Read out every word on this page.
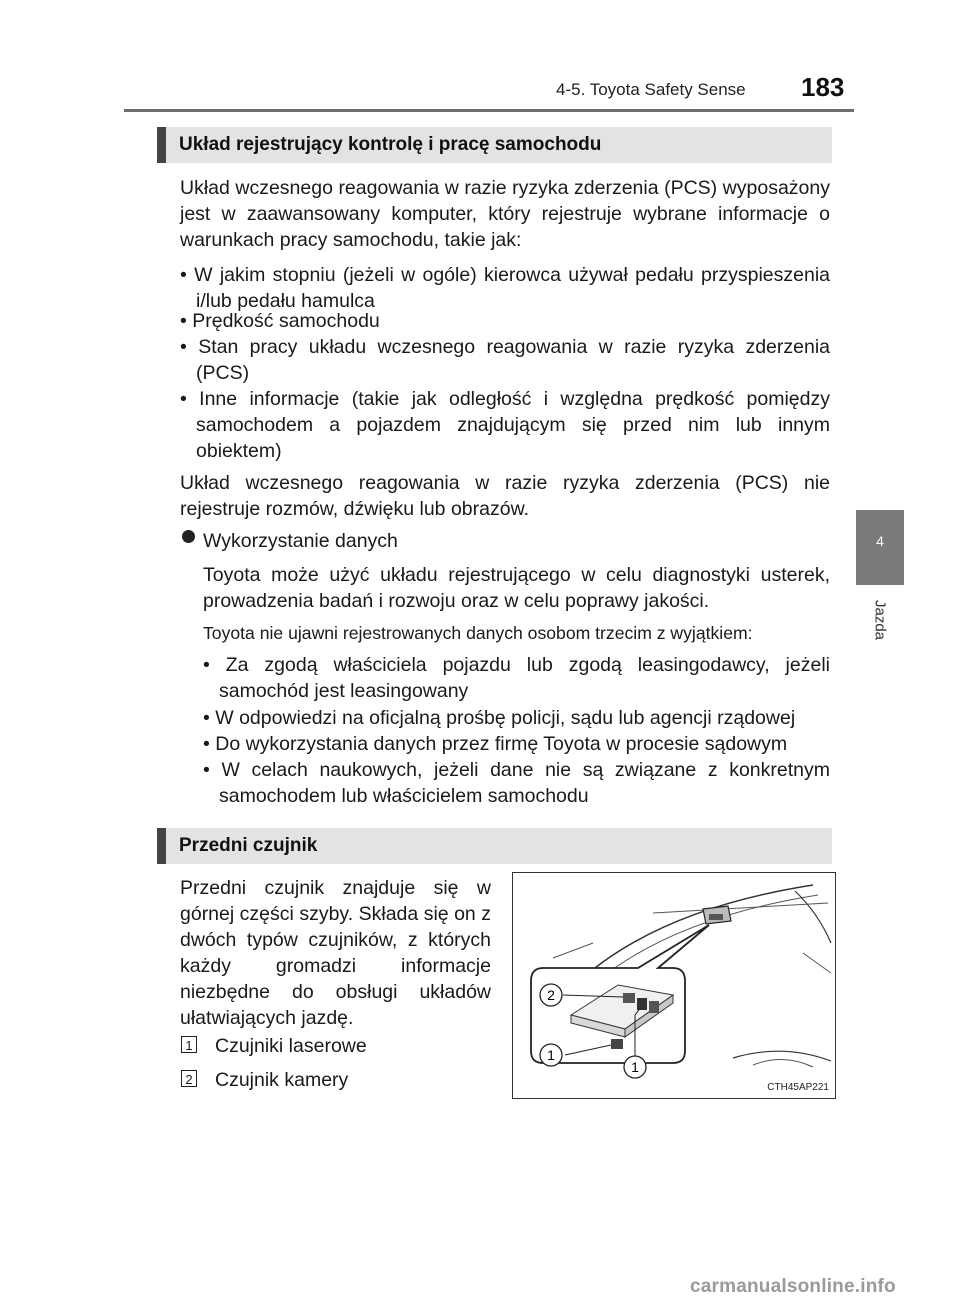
4-5. Toyota Safety Sense 183
4
Jazda
Układ rejestrujący kontrolę i pracę samochodu
Układ wczesnego reagowania w razie ryzyka zderzenia (PCS) wyposażony jest w zaawansowany komputer, który rejestruje wybrane informacje o warunkach pracy samochodu, takie jak:
• W jakim stopniu (jeżeli w ogóle) kierowca używał pedału przyspieszenia i/lub pedału hamulca
• Prędkość samochodu
• Stan pracy układu wczesnego reagowania w razie ryzyka zderzenia (PCS)
• Inne informacje (takie jak odległość i względna prędkość pomiędzy samochodem a pojazdem znajdującym się przed nim lub innym obiektem)
Układ wczesnego reagowania w razie ryzyka zderzenia (PCS) nie rejestruje rozmów, dźwięku lub obrazów.
Wykorzystanie danych
Toyota może użyć układu rejestrującego w celu diagnostyki usterek, prowadzenia badań i rozwoju oraz w celu poprawy jakości.
Toyota nie ujawni rejestrowanych danych osobom trzecim z wyjątkiem:
• Za zgodą właściciela pojazdu lub zgodą leasingodawcy, jeżeli samochód jest leasingowany
• W odpowiedzi na oficjalną prośbę policji, sądu lub agencji rządowej
• Do wykorzystania danych przez firmę Toyota w procesie sądowym
• W celach naukowych, jeżeli dane nie są związane z konkretnym samochodem lub właścicielem samochodu
Przedni czujnik
Przedni czujnik znajduje się w górnej części szyby. Składa się on z dwóch typów czujników, z których każdy gromadzi informacje niezbędne do obsługi układów ułatwiających jazdę.
1 Czujniki laserowe
2 Czujnik kamery
2
1
1
CTH45AP221
carmanualsonline.info
